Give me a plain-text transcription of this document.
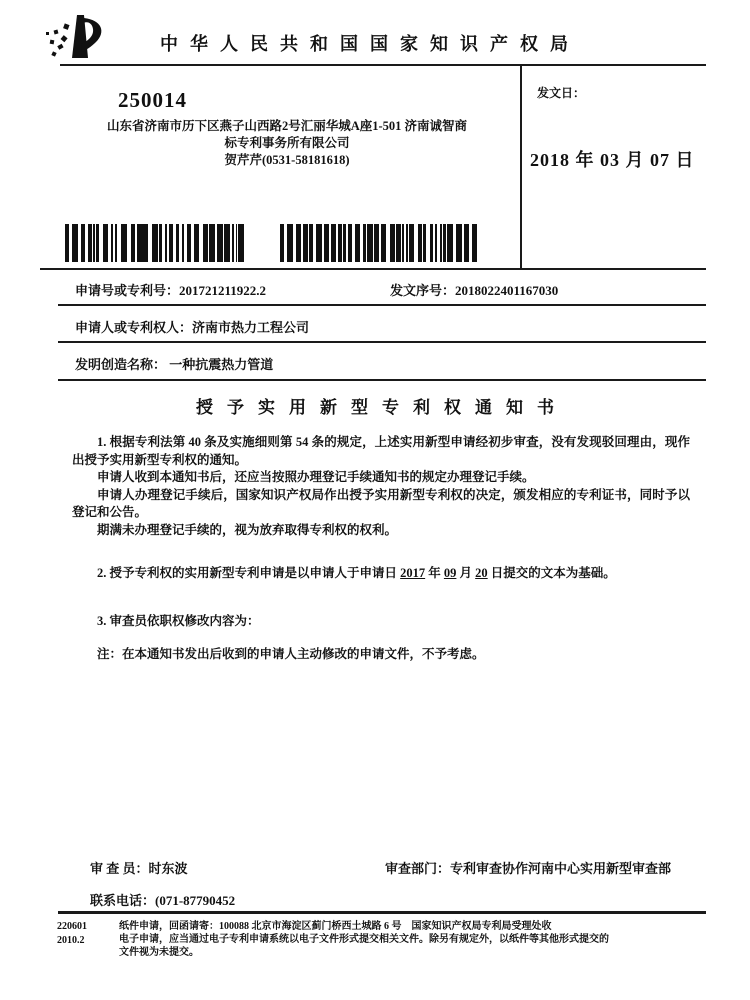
中华人民共和国国家知识产权局
250014
山东省济南市历下区燕子山西路2号汇丽华城A座1-501 济南诚智商
标专利事务所有限公司
贺芹芹(0531-58181618)
发文日：
2018 年 03 月 07 日
申请号或专利号：201721211922.2	发文序号：2018022401167030
申请人或专利权人：济南市热力工程公司
发明创造名称： 一种抗震热力管道
授予实用新型专利权通知书

1. 根据专利法第 40 条及实施细则第 54 条的规定，上述实用新型申请经初步审查，没有发现驳回理由，现作出授予实用新型专利权的通知。

申请人收到本通知书后，还应当按照办理登记手续通知书的规定办理登记手续。

申请人办理登记手续后，国家知识产权局作出授予实用新型专利权的决定，颁发相应的专利证书，同时予以登记和公告。

期满未办理登记手续的，视为放弃取得专利权的权利。

2. 授予专利权的实用新型专利申请是以申请人于申请日 2017 年 09 月 20 日提交的文本为基础。

3. 审查员依职权修改内容为：

注：在本通知书发出后收到的申请人主动修改的申请文件，不予考虑。

审 查 员：时东波	审查部门：专利审查协作河南中心实用新型审查部
联系电话：(071-87790452
220601
2010.2
纸件申请，回函请寄：100088 北京市海淀区蓟门桥西土城路 6 号　国家知识产权局专利局受理处收
电子申请，应当通过电子专利申请系统以电子文件形式提交相关文件。除另有规定外，以纸件等其他形式提交的
文件视为未提交。
